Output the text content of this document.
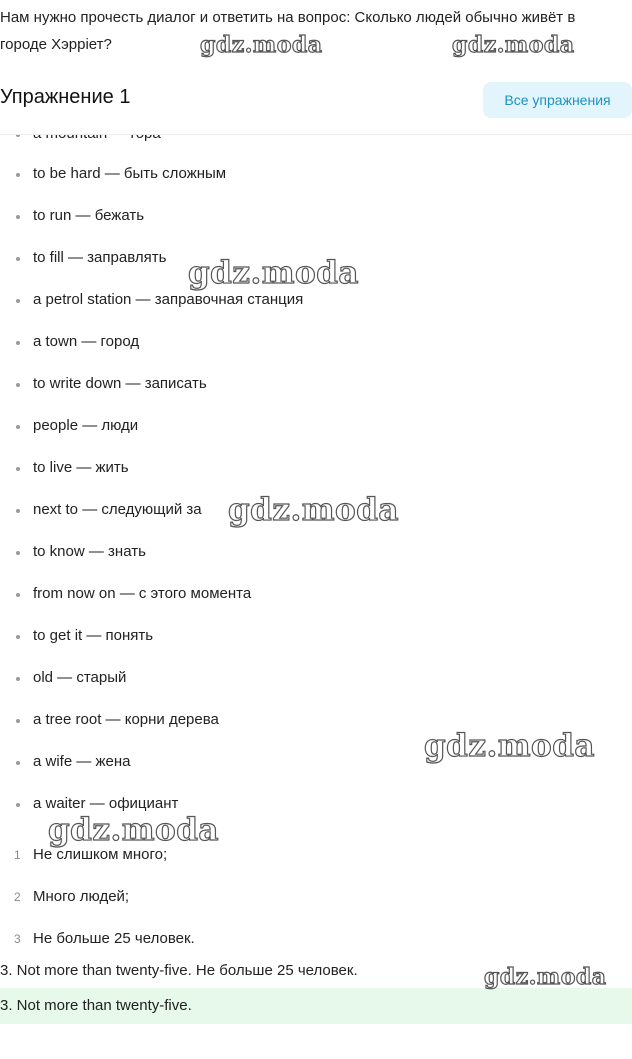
Нам нужно прочесть диалог и ответить на вопрос: Сколько людей обычно живёт в городе Хэррiет?
Упражнение 1	Все упражнения
to be hard — быть сложным
to run — бежать
to fill — заправлять
a petrol station — заправочная станция
a town — город
to write down — записать
people — люди
to live — жить
next to — следующий за
to know — знать
from now on — с этого момента
to get it — понять
old — старый
a tree root — корни дерева
a wife — жена
a waiter — официант
1 Не слишком много;
2 Много людей;
3 Не больше 25 человек.
3. Not more than twenty-five. Не больше 25 человек.
3. Not more than twenty-five.
gdz.moda	gdz.moda
gdz.moda
gdz.moda
gdz.moda
gdz.moda
gdz.moda
